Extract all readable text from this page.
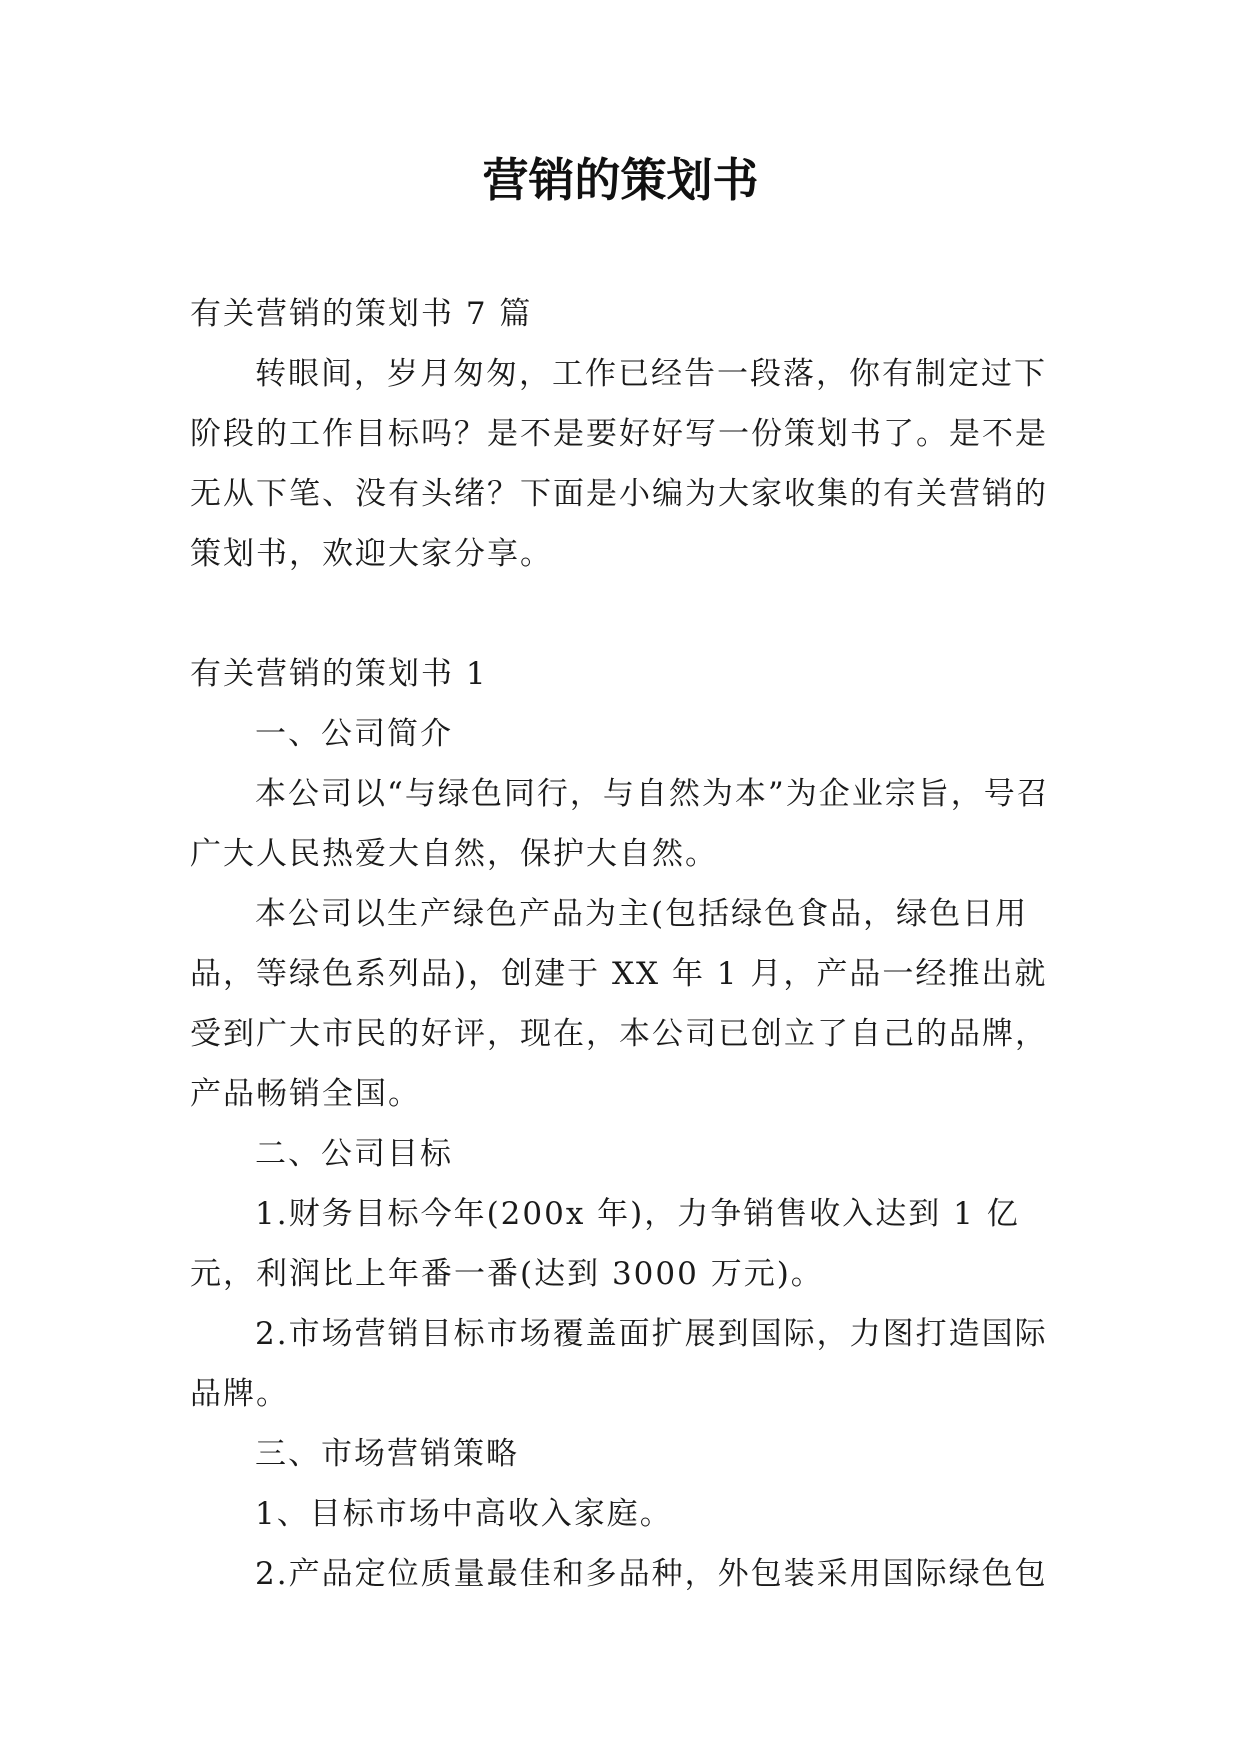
营销的策划书

有关营销的策划书 7 篇

转眼间，岁月匆匆，工作已经告一段落，你有制定过下阶段的工作目标吗？是不是要好好写一份策划书了。是不是无从下笔、没有头绪？下面是小编为大家收集的有关营销的策划书，欢迎大家分享。

有关营销的策划书 1

一、公司简介

本公司以“与绿色同行，与自然为本”为企业宗旨，号召广大人民热爱大自然，保护大自然。

本公司以生产绿色产品为主(包括绿色食品，绿色日用品，等绿色系列品)，创建于 XX 年 1 月，产品一经推出就受到广大市民的好评，现在，本公司已创立了自己的品牌，产品畅销全国。

二、公司目标

1.财务目标今年(200x 年)，力争销售收入达到 1 亿元，利润比上年番一番(达到 3000 万元)。

2.市场营销目标市场覆盖面扩展到国际，力图打造国际品牌。

三、市场营销策略

1、目标市场中高收入家庭。

2.产品定位质量最佳和多品种，外包装采用国际绿色包
